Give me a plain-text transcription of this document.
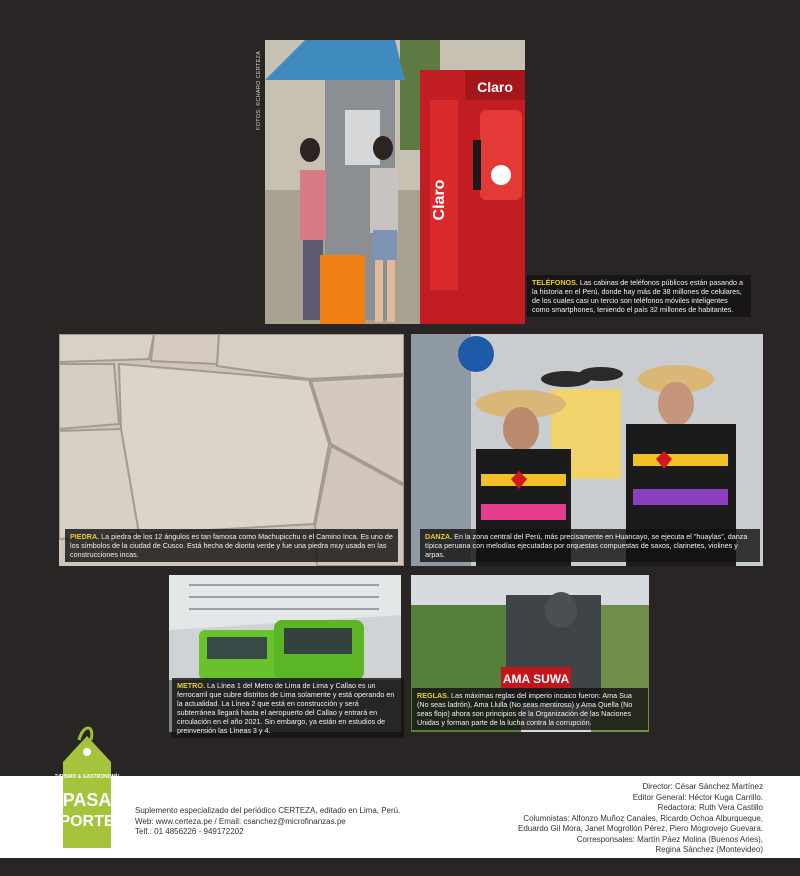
FOTOS: ©CHARO CERTEZA
Claro
Claro
TELÉFONOS. Las cabinas de teléfonos públicos están pasando a la historia en el Perú, donde hay más de 38 millones de celulares, de los cuales casi un tercio son teléfonos móviles inteligentes como smartphones, teniendo el país 32 millones de habitantes.
PIEDRA. La piedra de los 12 ángulos es tan famosa como Machupicchu o el Camino Inca. Es uno de los símbolos de la ciudad de Cusco. Está hecha de diorita verde y fue una piedra muy usada en las construcciones incas.
DANZA. En la zona central del Perú, más precisamente en Huancayo, se ejecuta el "huaylas", danza típica peruana con melodías ejecutadas por orquestas compuestas de saxos, clarinetes, violines y arpas.
METRO. La Línea 1 del Metro de Lima de Lima y Callao es un ferrocarril que cubre distritos de Lima solamente y está operando en la actualidad. La Línea 2 que está en construcción y será subterránea llegará hasta el aeropuerto del Callao y entrará en circulación en el año 2021. Sin embargo, ya están en estudios de preinversión las Líneas 3 y 4.
AMA SUWA
REGLAS. Las máximas reglas del imperio incaico fueron: Ama Sua (No seas ladrón), Ama Llulla (No seas mentiroso) y Ama Quella (No seas flojo) ahora son principios de la Organización de las Naciones Unidas y forman parte de la lucha contra la corrupción.
TURISMO & GASTRONOMÍA
PASA
PORTE
Suplemento especializado del periódico CERTEZA, editado en Lima, Perú.
Web: www.certeza.pe / Email: csanchez@microfinanzas.pe
Telf.: 01 4856226 - 949172202
Director: César Sánchez Martínez
Editor General: Héctor Kuga Carrillo.
Redactora: Ruth Vera Castillo
Columnistas: Alfonzo Muñoz Canales, Ricardo Ochoa Alburqueque,
Eduardo Gil Mora, Janet Mogrollón Pérez, Piero Mogrovejo Guevara.
Corresponsales: Martín Páez Molina (Buenos Aries),
Regina Sánchez (Montevideo)
